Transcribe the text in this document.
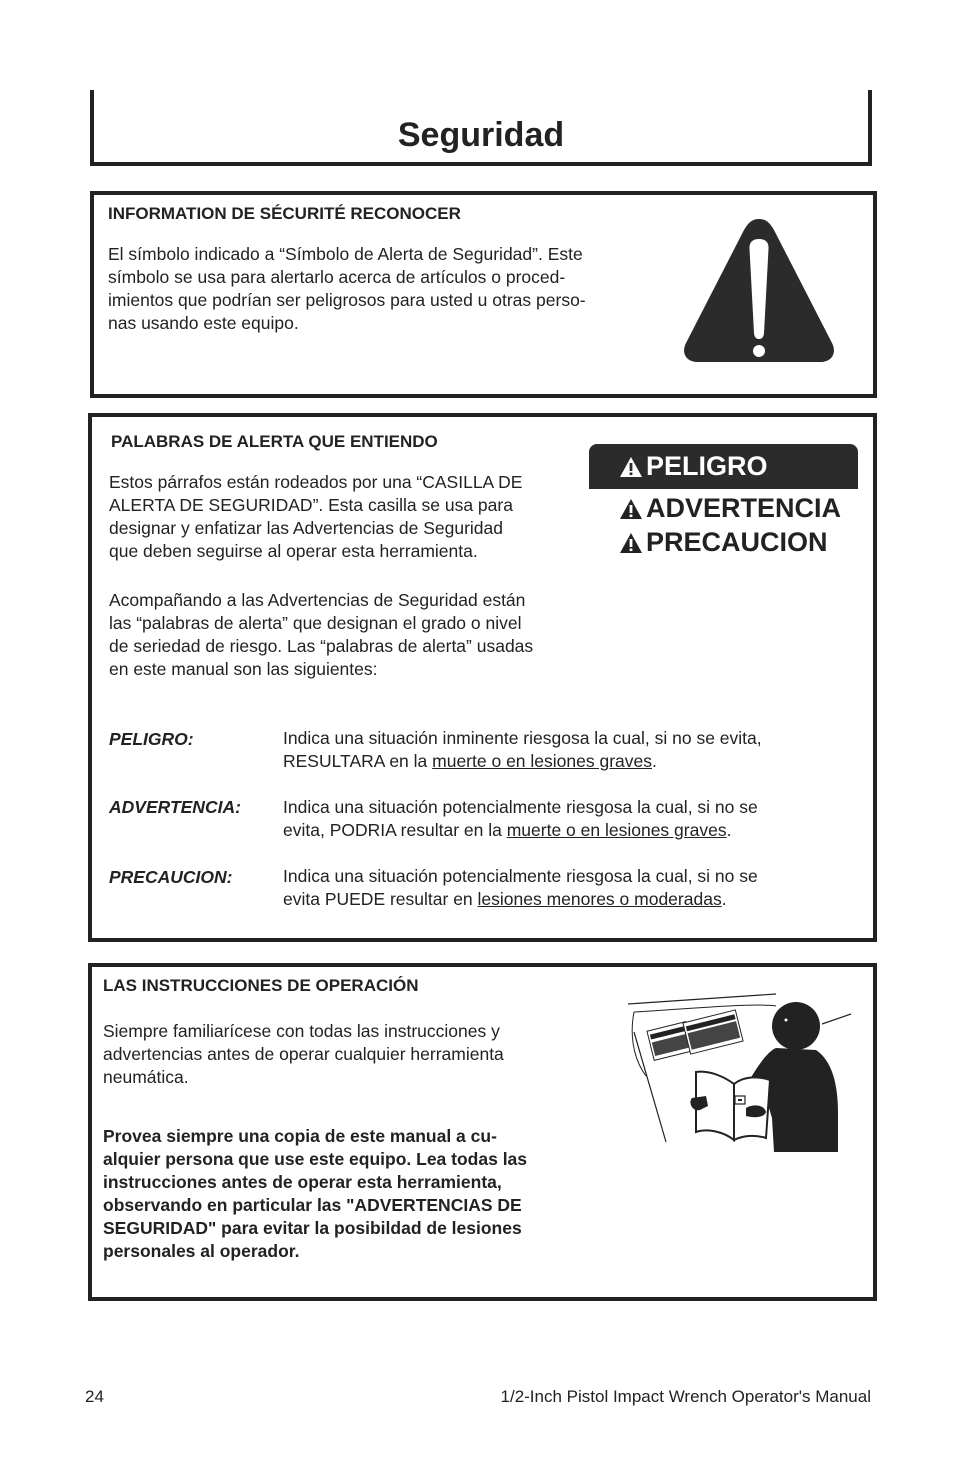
Seguridad
INFORMATION DE SÉCURITÉ RECONOCER
El símbolo indicado a “Símbolo de Alerta de Seguridad”. Este
símbolo se usa para alertarlo acerca de artículos o proced-
imientos que podrían ser peligrosos para usted u otras perso-
nas usando este equipo.
PALABRAS DE ALERTA QUE ENTIENDO
Estos párrafos están rodeados por una “CASILLA DE
ALERTA DE SEGURIDAD”. Esta casilla se usa para
designar y enfatizar las Advertencias de Seguridad
que deben seguirse al operar esta herramienta.
Acompañando a las Advertencias de Seguridad están
las “palabras de alerta” que designan el grado o nivel
de seriedad de riesgo. Las “palabras de alerta” usadas
en este manual son las siguientes:
PELIGRO
ADVERTENCIA
PRECAUCION
PELIGRO:	Indica una situación inminente riesgosa la cual, si no se evita,
RESULTARA en la muerte o en lesiones graves.
ADVERTENCIA: Indica una situación potencialmente riesgosa la cual, si no se
evita, PODRIA resultar en la muerte o en lesiones graves.
PRECAUCION:	Indica una situación potencialmente riesgosa la cual, si no se
evita PUEDE resultar en lesiones menores o moderadas.
LAS INSTRUCCIONES DE OPERACIÓN
Siempre familiarícese con todas las instrucciones y
advertencias antes de operar cualquier herramienta
neumática.
Provea siempre una copia de este manual a cu-
alquier persona que use este equipo. Lea todas las
instrucciones antes de operar esta herramienta,
observando en particular las "ADVERTENCIAS DE
SEGURIDAD" para evitar la posibildad de lesiones
personales al operador.
24	1/2-Inch Pistol Impact Wrench Operator's Manual
